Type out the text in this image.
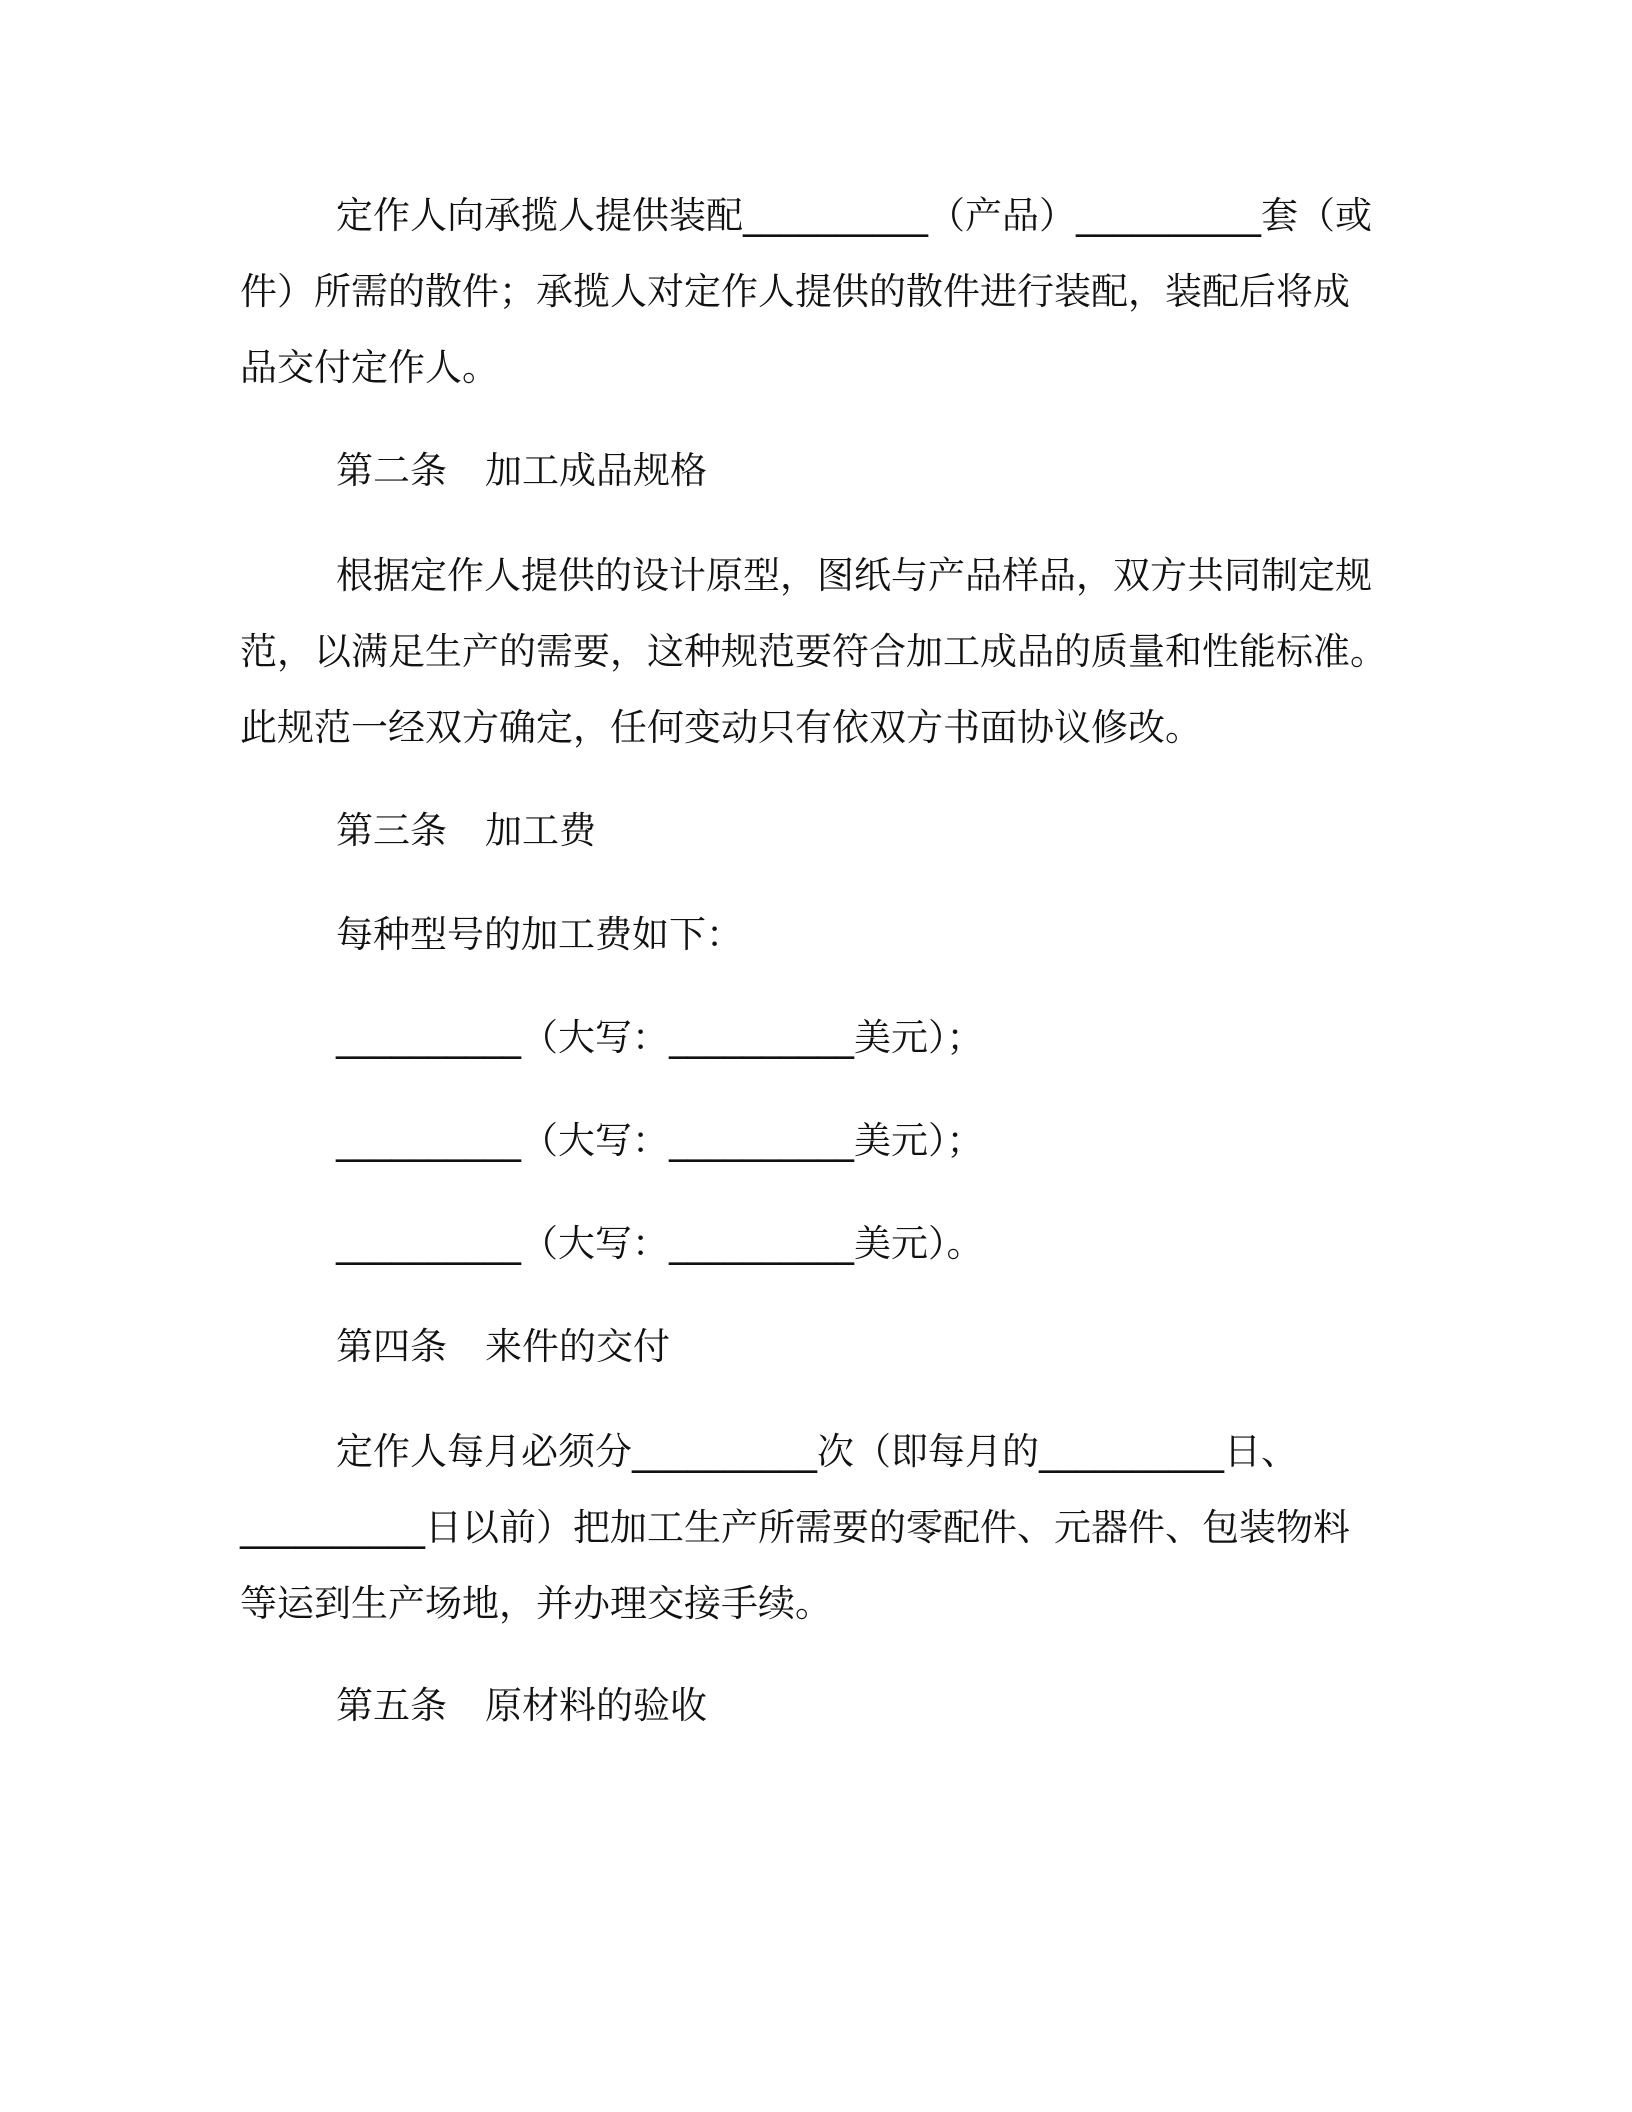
定作人向承揽人提供装配__________（产品）__________套（或
件）所需的散件；承揽人对定作人提供的散件进行装配，装配后将成
品交付定作人。
第二条 加工成品规格
根据定作人提供的设计原型，图纸与产品样品，双方共同制定规
范，以满足生产的需要，这种规范要符合加工成品的质量和性能标准。
此规范一经双方确定，任何变动只有依双方书面协议修改。
第三条 加工费
每种型号的加工费如下：
__________（大写：__________美元）；
__________（大写：__________美元）；
__________（大写：__________美元）。
第四条 来件的交付
定作人每月必须分__________次（即每月的__________日、
__________日以前）把加工生产所需要的零配件、元器件、包装物料
等运到生产场地，并办理交接手续。
第五条 原材料的验收
